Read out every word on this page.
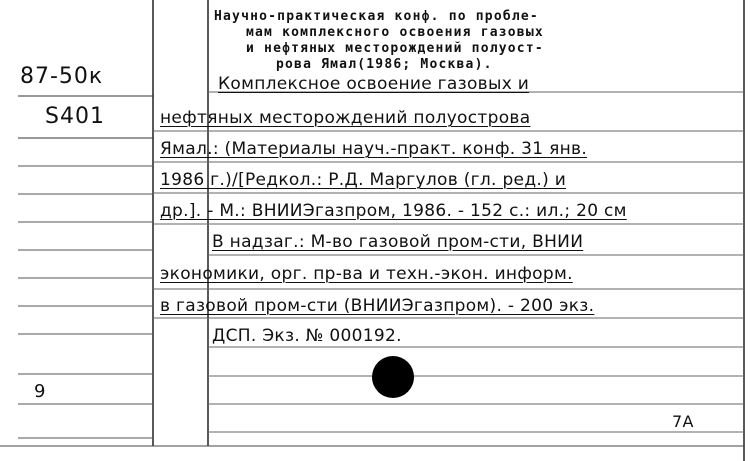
87-50к
S401
Научно-практическая конф. по пробле-
мам комплексного освоения газовых
и нефтяных месторождений полуост-
рова Ямал(1986; Москва).
Комплексное освоение газовых и
нефтяных месторождений полуострова
Ямал.: (Материалы науч.-практ. конф. 31 янв.
1986 г.)/[Редкол.: Р.Д. Маргулов (гл. ред.) и
др.]. - М.: ВНИИЭгазпром, 1986. - 152 с.: ил.; 20 см
В надзаг.: М-во газовой пром-сти, ВНИИ
экономики, орг. пр-ва и техн.-экон. информ.
в газовой пром-сти (ВНИИЭгазпром). - 200 экз.
ДСП. Экз. № 000192.
9
7А
